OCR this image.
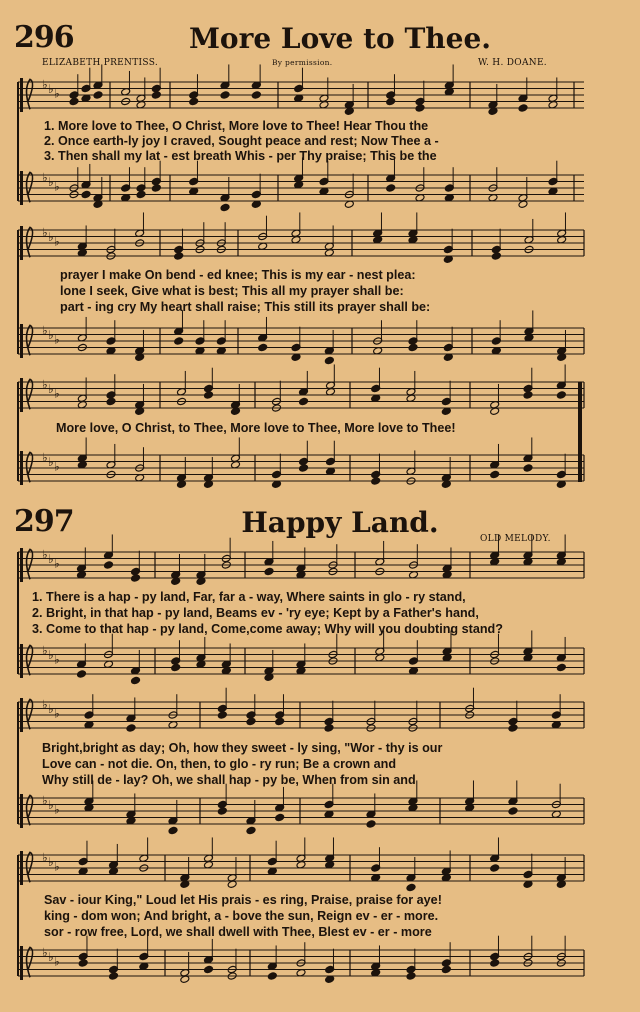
296	More Love to Thee.
ELIZABETH PRENTISS.	By permission.	W. H. DOANE.
1. More love to Thee, O Christ, More love to Thee! Hear Thou the
2. Once earth-ly joy I craved, Sought peace and rest; Now Thee a -
3. Then shall my lat - est breath Whis - per Thy praise; This be the
prayer I make On bend - ed knee; This is my ear - nest plea:
lone I seek, Give what is best; This all my prayer shall be:
part - ing cry My heart shall raise; This still its prayer shall be:
More love, O Christ, to Thee, More love to Thee, More love to Thee!
297	Happy Land.	OLD MELODY.
1. There is a hap - py land, Far, far a - way, Where saints in glo - ry stand,
2. Bright, in that hap - py land, Beams ev - 'ry eye; Kept by a Father's hand,
3. Come to that hap - py land, Come,come away; Why will you doubting stand?
Bright,bright as day; Oh, how they sweet - ly sing, "Wor - thy is our
Love can - not die. On, then, to glo - ry run; Be a crown and
Why still de - lay? Oh, we shall hap - py be, When from sin and
Sav - iour King," Loud let His prais - es ring, Praise, praise for aye!
king - dom won; And bright, a - bove the sun, Reign ev - er - more.
sor - row free, Lord, we shall dwell with Thee, Blest ev - er - more
♭ ♭ ♭
♭ ♭ ♭
♭ ♭ ♭
♭ ♭ ♭
♭ ♭ ♭
♭ ♭ ♭
♭ ♭ ♭
♭ ♭ ♭
♭ ♭ ♭
♭ ♭ ♭
♭ ♭ ♭
♭ ♭ ♭
